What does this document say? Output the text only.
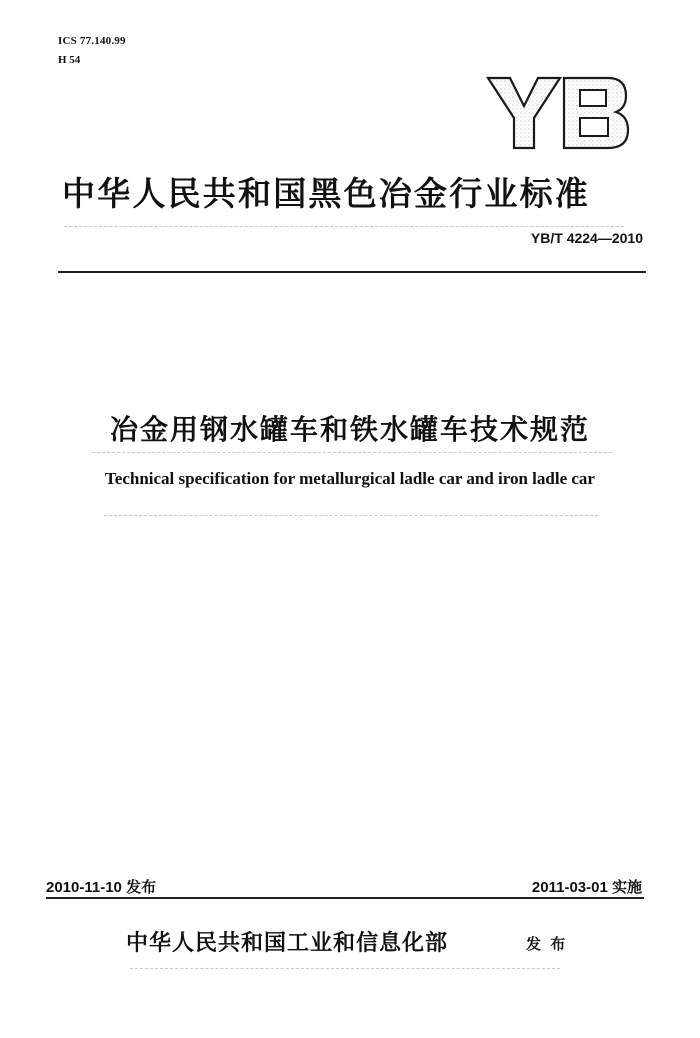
ICS 77.140.99
H 54
中华人民共和国黑色冶金行业标准
YB/T 4224—2010
冶金用钢水罐车和铁水罐车技术规范
Technical specification for metallurgical ladle car and iron ladle car
2010-11-10 发布	2011-03-01 实施
中华人民共和国工业和信息化部	发 布
